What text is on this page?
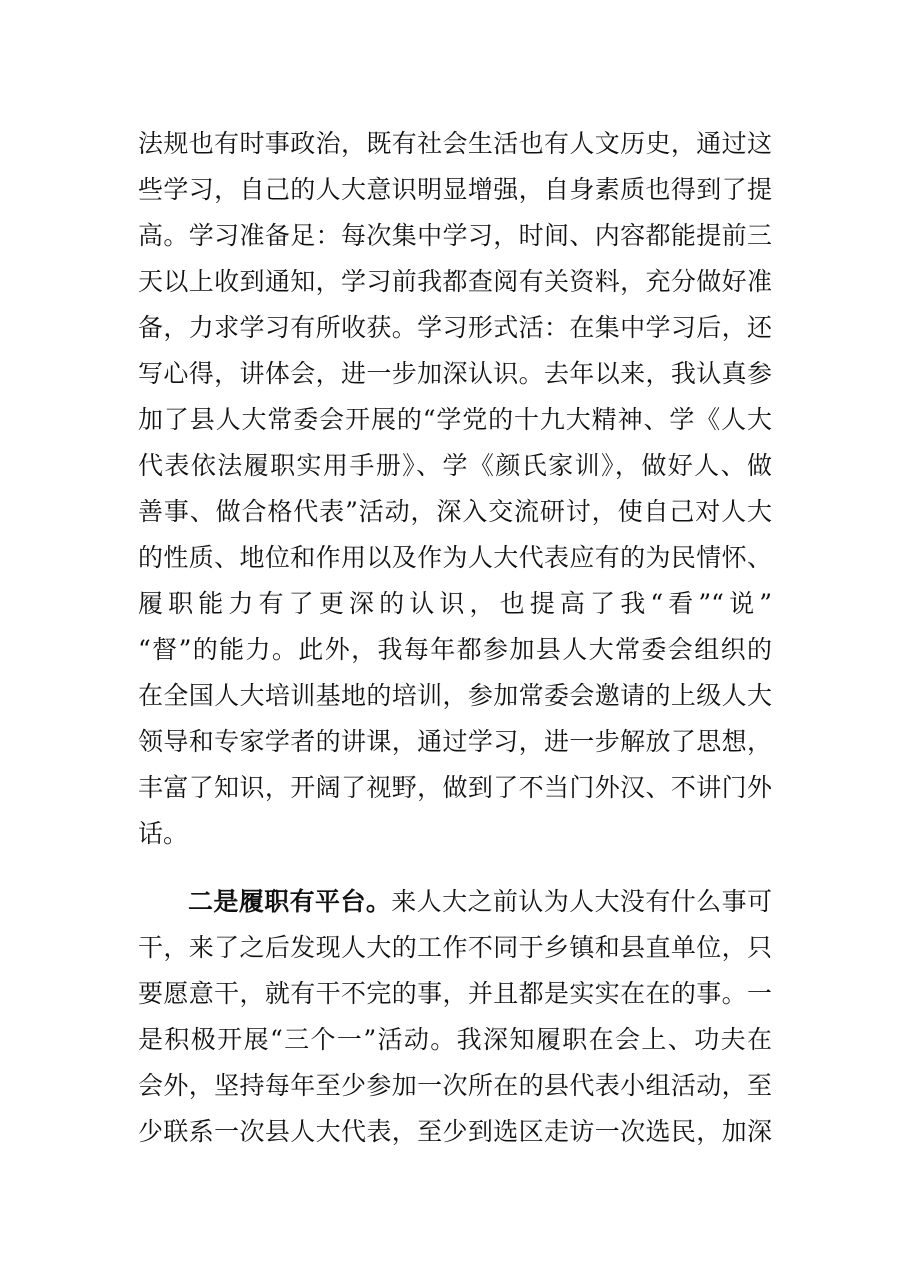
法规也有时事政治，既有社会生活也有人文历史，通过这
些学习，自己的人大意识明显增强，自身素质也得到了提
高。学习准备足：每次集中学习，时间、内容都能提前三
天以上收到通知，学习前我都查阅有关资料，充分做好准
备，力求学习有所收获。学习形式活：在集中学习后，还
写心得，讲体会，进一步加深认识。去年以来，我认真参
加了县人大常委会开展的“学党的十九大精神、学《人大
代表依法履职实用手册》、学《颜氏家训》，做好人、做
善事、做合格代表”活动，深入交流研讨，使自己对人大
的性质、地位和作用以及作为人大代表应有的为民情怀、
履职能力有了更深的认识，也提高了我“看”“说”
“督”的能力。此外，我每年都参加县人大常委会组织的
在全国人大培训基地的培训，参加常委会邀请的上级人大
领导和专家学者的讲课，通过学习，进一步解放了思想，
丰富了知识，开阔了视野，做到了不当门外汉、不讲门外
话。
二是履职有平台。来人大之前认为人大没有什么事可
干，来了之后发现人大的工作不同于乡镇和县直单位，只
要愿意干，就有干不完的事，并且都是实实在在的事。一
是积极开展“三个一”活动。我深知履职在会上、功夫在
会外，坚持每年至少参加一次所在的县代表小组活动，至
少联系一次县人大代表，至少到选区走访一次选民，加深
